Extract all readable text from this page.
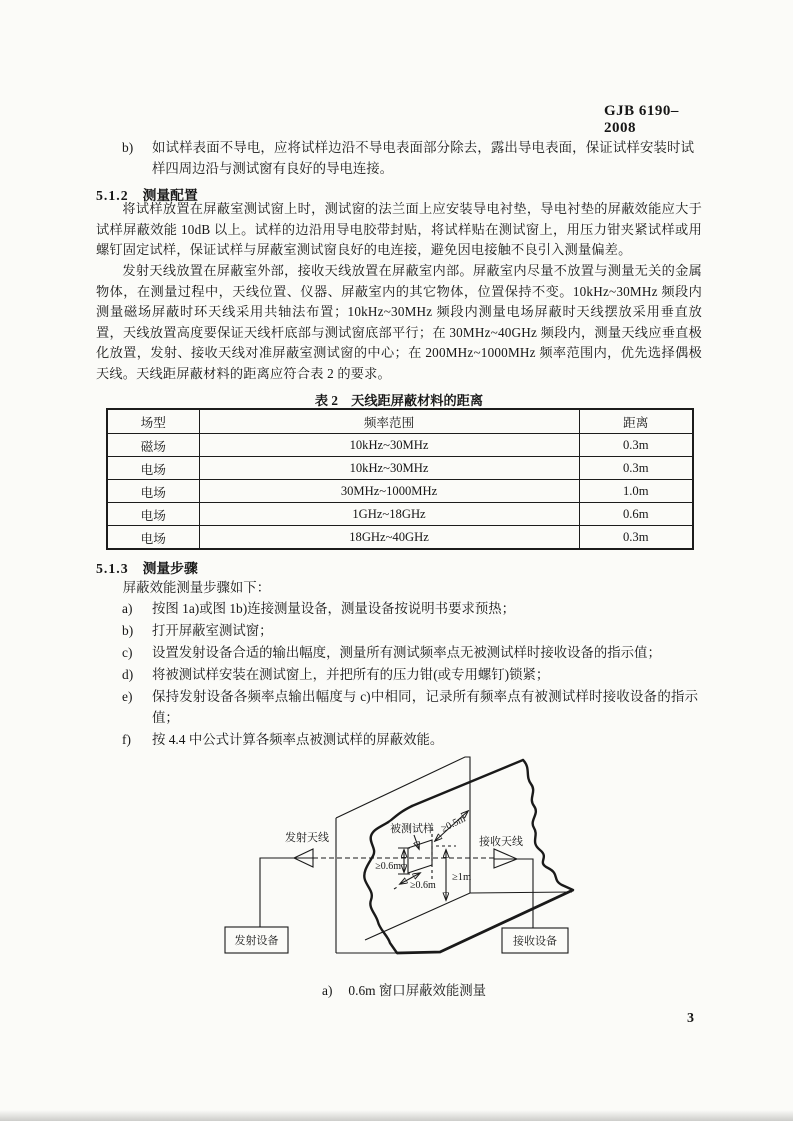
GJB 6190–2008
b)	如试样表面不导电，应将试样边沿不导电表面部分除去，露出导电表面，保证试样安装时试样四周边沿与测试窗有良好的导电连接。
5.1.2 测量配置
将试样放置在屏蔽室测试窗上时，测试窗的法兰面上应安装导电衬垫，导电衬垫的屏蔽效能应大于试样屏蔽效能 10dB 以上。试样的边沿用导电胶带封贴，将试样贴在测试窗上，用压力钳夹紧试样或用螺钉固定试样，保证试样与屏蔽室测试窗良好的电连接，避免因电接触不良引入测量偏差。
发射天线放置在屏蔽室外部，接收天线放置在屏蔽室内部。屏蔽室内尽量不放置与测量无关的金属物体，在测量过程中，天线位置、仪器、屏蔽室内的其它物体，位置保持不变。10kHz~30MHz 频段内测量磁场屏蔽时环天线采用共轴法布置；10kHz~30MHz 频段内测量电场屏蔽时天线摆放采用垂直放置，天线放置高度要保证天线杆底部与测试窗底部平行；在 30MHz~40GHz 频段内，测量天线应垂直极化放置，发射、接收天线对准屏蔽室测试窗的中心；在 200MHz~1000MHz 频率范围内，优先选择偶极天线。天线距屏蔽材料的距离应符合表 2 的要求。
表 2　天线距屏蔽材料的距离
场型	频率范围	距离
磁场	10kHz~30MHz	0.3m
电场	10kHz~30MHz	0.3m
电场	30MHz~1000MHz	1.0m
电场	1GHz~18GHz	0.6m
电场	18GHz~40GHz	0.3m
5.1.3 测量步骤
屏蔽效能测量步骤如下：
a)	按图 1a)或图 1b)连接测量设备，测量设备按说明书要求预热；
b)	打开屏蔽室测试窗；
c)	设置发射设备合适的输出幅度，测量所有测试频率点无被测试样时接收设备的指示值；
d)	将被测试样安装在测试窗上，并把所有的压力钳(或专用螺钉)锁紧；
e)	保持发射设备各频率点输出幅度与 c)中相同，记录所有频率点有被测试样时接收设备的指示值；
f)	按 4.4 中公式计算各频率点被测试样的屏蔽效能。
发射设备
发射天线	接收天线
接收设备
被测试样
≥0.6m
≥0.6m
≥0.5m
≥1m
a) 0.6m 窗口屏蔽效能测量
3
